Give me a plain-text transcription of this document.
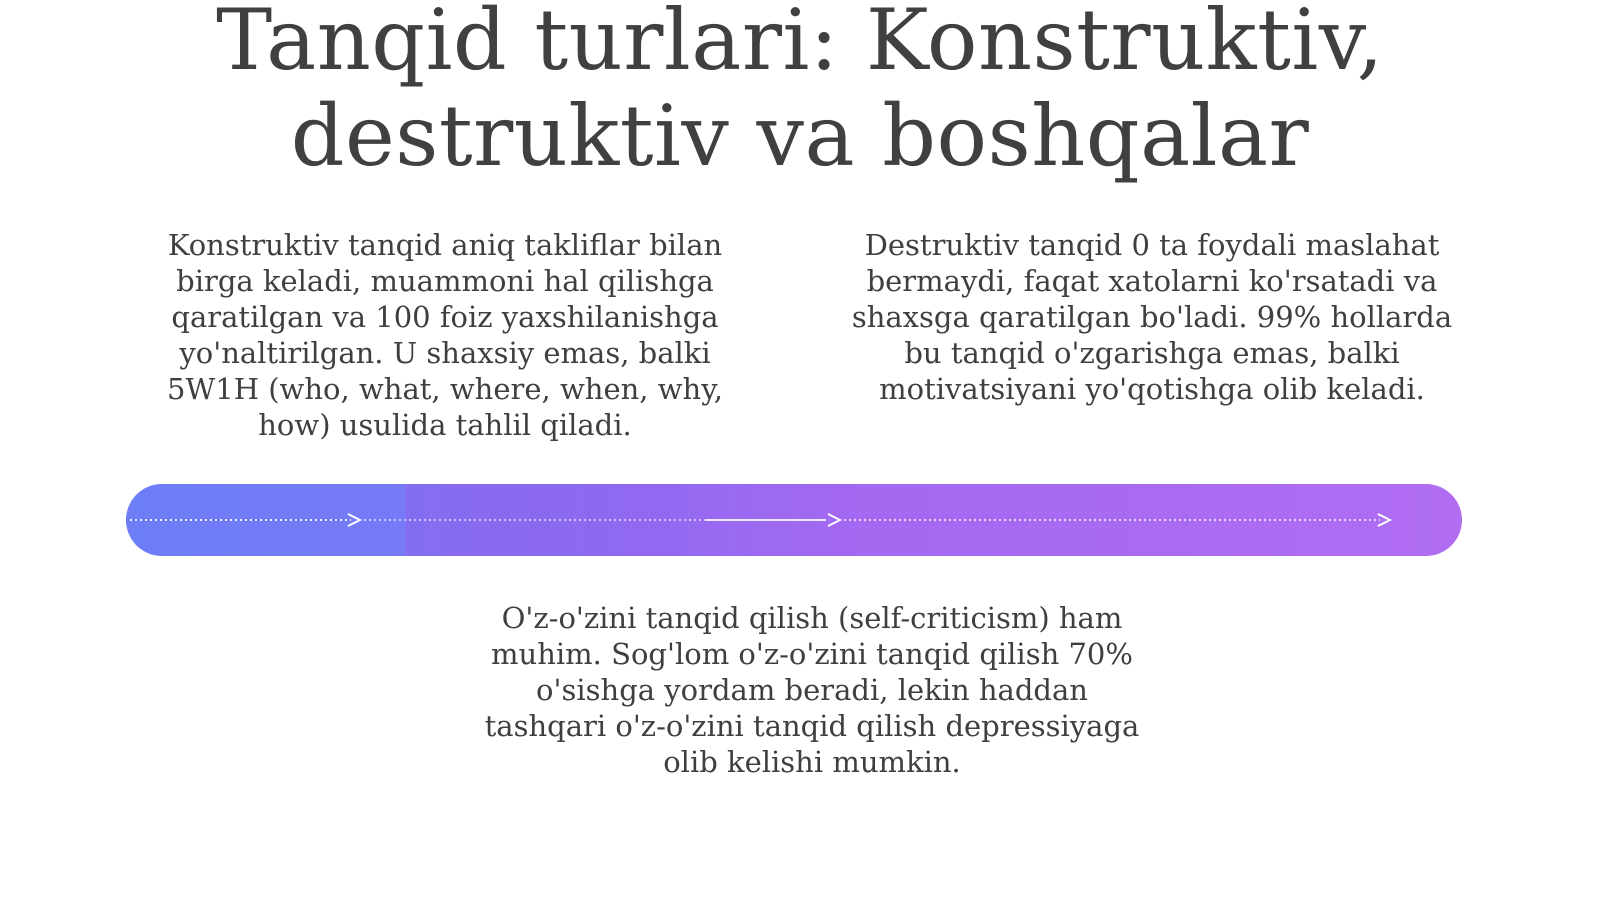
Tanqid turlari: Konstruktiv,
destruktiv va boshqalar

Konstruktiv tanqid aniq takliflar bilan birga keladi, muammoni hal qilishga qaratilgan va 100 foiz yaxshilanishga yo'naltirilgan. U shaxsiy emas, balki 5W1H (who, what, where, when, why, how) usulida tahlil qiladi.

Destruktiv tanqid 0 ta foydali maslahat bermaydi, faqat xatolarni ko'rsatadi va shaxsga qaratilgan bo'ladi. 99% hollarda bu tanqid o'zgarishga emas, balki motivatsiyani yo'qotishga olib keladi.

O'z-o'zini tanqid qilish (self-criticism) ham muhim. Sog'lom o'z-o'zini tanqid qilish 70% o'sishga yordam beradi, lekin haddan tashqari o'z-o'zini tanqid qilish depressiyaga olib kelishi mumkin.
